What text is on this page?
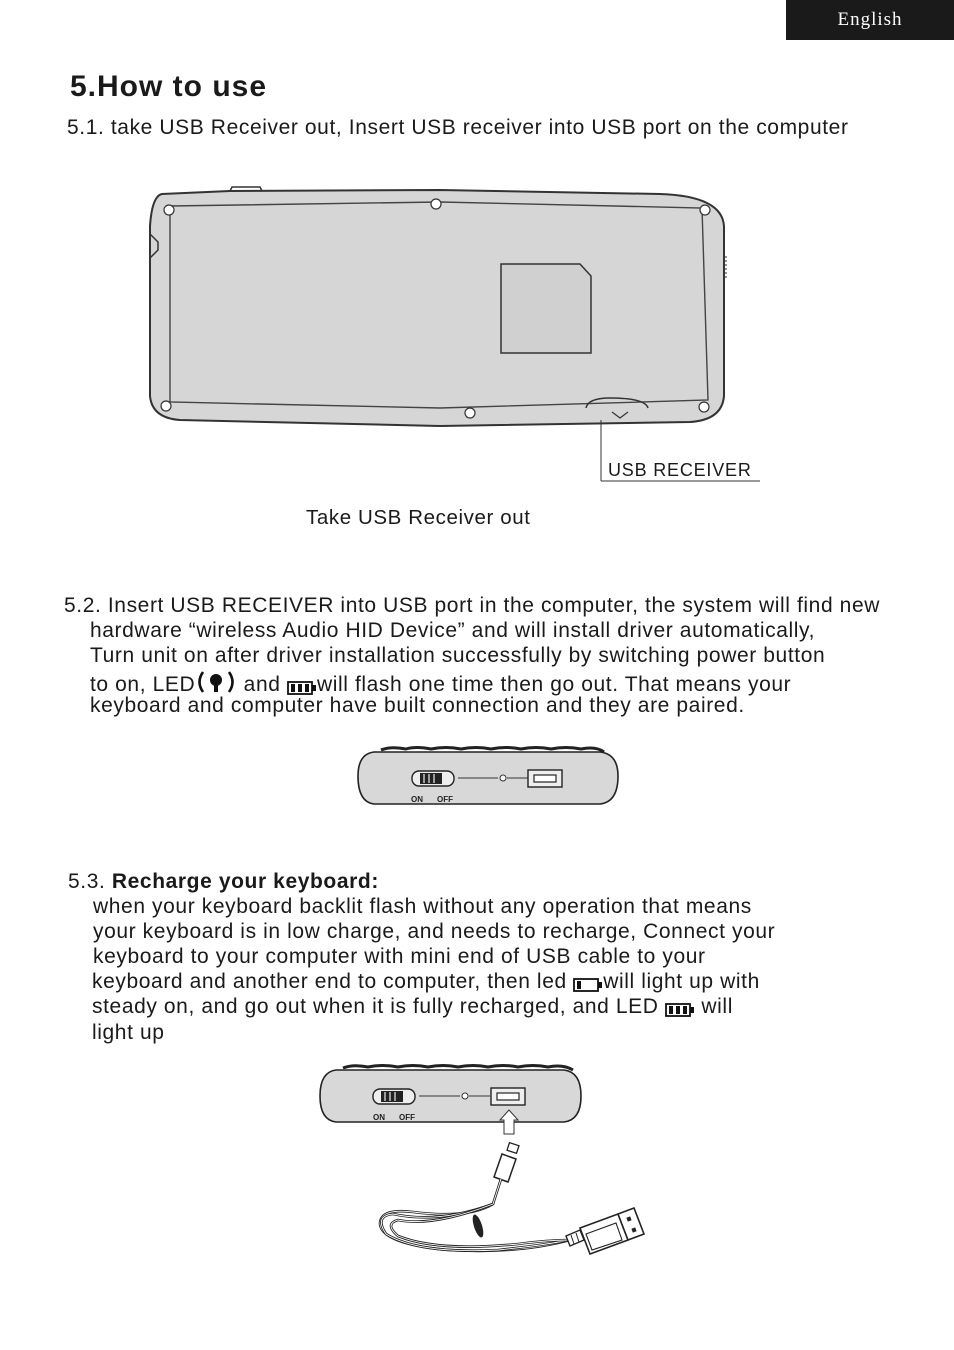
English
5.How to use

5.1. take USB Receiver out, Insert USB receiver into USB port on the computer

USB RECEIVER

Take USB Receiver out

5.2. Insert USB RECEIVER into USB port in the computer, the system will find new

hardware “wireless Audio HID Device” and will install driver automatically,

Turn unit on after driver installation successfully by switching power button

to on, LED and will flash one time then go out. That means your

keyboard and computer have built connection and they are paired.

ON OFF

5.3. Recharge your keyboard:

when your keyboard backlit flash without any operation that means

your keyboard is in low charge, and needs to recharge, Connect your

keyboard to your computer with mini end of USB cable to your

keyboard and another end to computer, then led will light up with

steady on, and go out when it is fully recharged, and LED  will

light up

ON OFF
